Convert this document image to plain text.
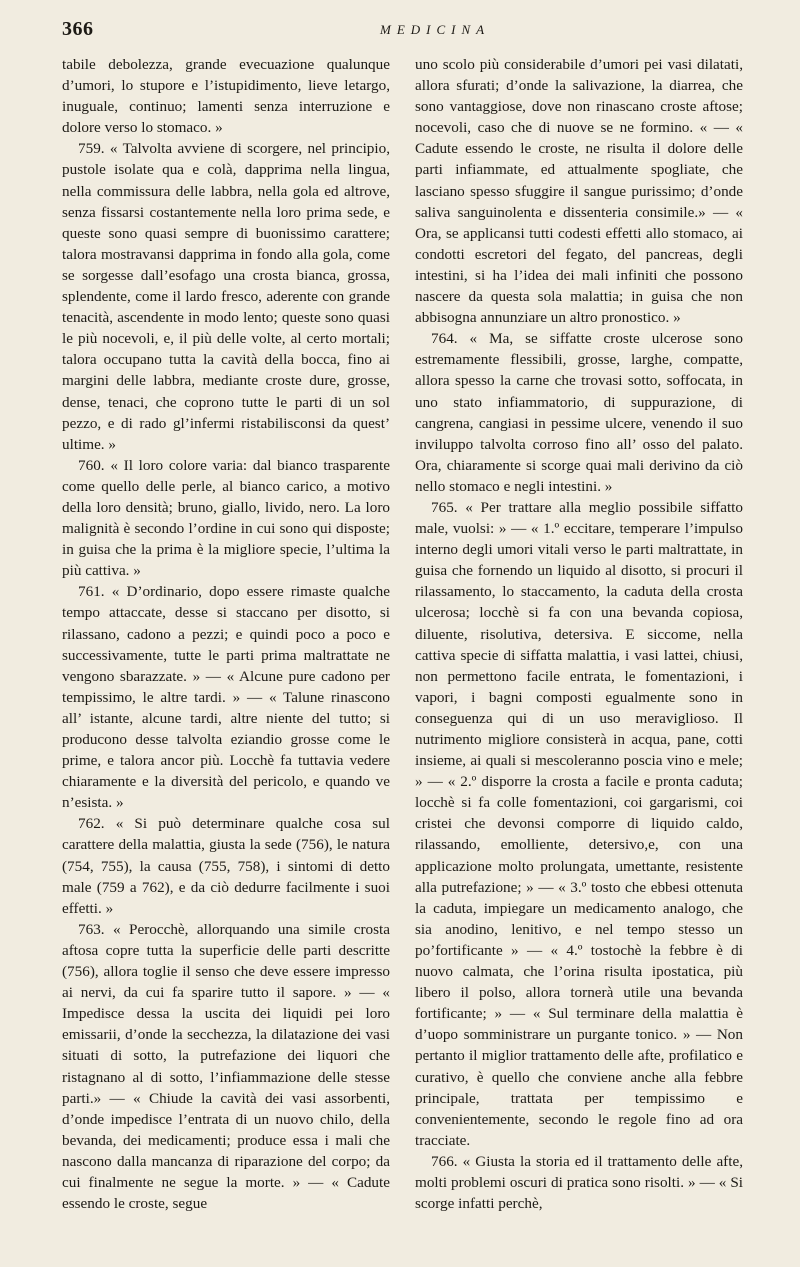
366	MEDICINA

tabile debolezza, grande evecuazione qualunque d’umori, lo stupore e l’istupidimento, lieve letargo, inuguale, continuo; lamenti senza interruzione e dolore verso lo stomaco. »

759. « Talvolta avviene di scorgere, nel principio, pustole isolate qua e colà, dapprima nella lingua, nella commissura delle labbra, nella gola ed altrove, senza fissarsi costantemente nella loro prima sede, e queste sono quasi sempre di buonissimo carattere; talora mostravansi dapprima in fondo alla gola, come se sorgesse dall’esofago una crosta bianca, grossa, splendente, come il lardo fresco, aderente con grande tenacità, ascendente in modo lento; queste sono quasi le più nocevoli, e, il più delle volte, al certo mortali; talora occupano tutta la cavità della bocca, fino ai margini delle labbra, mediante croste dure, grosse, dense, tenaci, che coprono tutte le parti di un sol pezzo, e di rado gl’infermi ristabilisconsi da quest’ ultime. »

760. « Il loro colore varia: dal bianco trasparente come quello delle perle, al bianco carico, a motivo della loro densità; bruno, giallo, livido, nero. La loro malignità è secondo l’ordine in cui sono qui disposte; in guisa che la prima è la migliore specie, l’ultima la più cattiva. »

761. « D’ordinario, dopo essere rimaste qualche tempo attaccate, desse si staccano per disotto, si rilassano, cadono a pezzi; e quindi poco a poco e successivamente, tutte le parti prima maltrattate ne vengono sbarazzate. » — « Alcune pure cadono per tempissimo, le altre tardi. » — « Talune rinascono all’ istante, alcune tardi, altre niente del tutto; si producono desse talvolta eziandio grosse come le prime, e talora ancor più. Locchè fa tuttavia vedere chiaramente e la diversità del pericolo, e quando ve n’esista. »

762. « Si può determinare qualche cosa sul carattere della malattia, giusta la sede (756), le natura (754, 755), la causa (755, 758), i sintomi di detto male (759 a 762), e da ciò dedurre facilmente i suoi effetti. »

763. « Perocchè, allorquando una simile crosta aftosa copre tutta la superficie delle parti descritte (756), allora toglie il senso che deve essere impresso ai nervi, da cui fa sparire tutto il sapore. » — « Impedisce dessa la uscita dei liquidi pei loro emissarii, d’onde la secchezza, la dilatazione dei vasi situati di sotto, la putrefazione dei liquori che ristagnano al di sotto, l’infiammazione delle stesse parti.» — « Chiude la cavità dei vasi assorbenti, d’onde impedisce l’entrata di un nuovo chilo, della bevanda, dei medicamenti; produce essa i mali che nascono dalla mancanza di riparazione del corpo; da cui finalmente ne segue la morte. » — « Cadute essendo le croste, segue

uno scolo più considerabile d’umori pei vasi dilatati, allora sfurati; d’onde la salivazione, la diarrea, che sono vantaggiose, dove non rinascano croste aftose; nocevoli, caso che di nuove se ne formino. « — « Cadute essendo le croste, ne risulta il dolore delle parti infiammate, ed attualmente spogliate, che lasciano spesso sfuggire il sangue purissimo; d’onde saliva sanguinolenta e dissenteria consimile.» — « Ora, se applicansi tutti codesti effetti allo stomaco, ai condotti escretori del fegato, del pancreas, degli intestini, si ha l’idea dei mali infiniti che possono nascere da questa sola malattia; in guisa che non abbisogna annunziare un altro pronostico. »

764. « Ma, se siffatte croste ulcerose sono estremamente flessibili, grosse, larghe, compatte, allora spesso la carne che trovasi sotto, soffocata, in uno stato infiammatorio, di suppurazione, di cangrena, cangiasi in pessime ulcere, venendo il suo inviluppo talvolta corroso fino all’ osso del palato. Ora, chiaramente si scorge quai mali derivino da ciò nello stomaco e negli intestini. »

765. « Per trattare alla meglio possibile siffatto male, vuolsi: » — « 1.º eccitare, temperare l’impulso interno degli umori vitali verso le parti maltrattate, in guisa che fornendo un liquido al disotto, si procuri il rilassamento, lo staccamento, la caduta della crosta ulcerosa; locchè si fa con una bevanda copiosa, diluente, risolutiva, detersiva. E siccome, nella cattiva specie di siffatta malattia, i vasi lattei, chiusi, non permettono facile entrata, le fomentazioni, i vapori, i bagni composti egualmente sono in conseguenza qui di un uso meraviglioso. Il nutrimento migliore consisterà in acqua, pane, cotti insieme, ai quali si mescoleranno poscia vino e mele; » — « 2.º disporre la crosta a facile e pronta caduta; locchè si fa colle fomentazioni, coi gargarismi, coi cristei che devonsi comporre di liquido caldo, rilassando, emolliente, detersivo,e, con una applicazione molto prolungata, umettante, resistente alla putrefazione; » — « 3.º tosto che ebbesi ottenuta la caduta, impiegare un medicamento analogo, che sia anodino, lenitivo, e nel tempo stesso un po’fortificante » — « 4.º tostochè la febbre è di nuovo calmata, che l’orina risulta ipostatica, più libero il polso, allora tornerà utile una bevanda fortificante; » — « Sul terminare della malattia è d’uopo somministrare un purgante tonico. » — Non pertanto il miglior trattamento delle afte, profilatico e curativo, è quello che conviene anche alla febbre principale, trattata per tempissimo e convenientemente, secondo le regole fino ad ora tracciate.

766. « Giusta la storia ed il trattamento delle afte, molti problemi oscuri di pratica sono risolti. » — « Si scorge infatti perchè,
